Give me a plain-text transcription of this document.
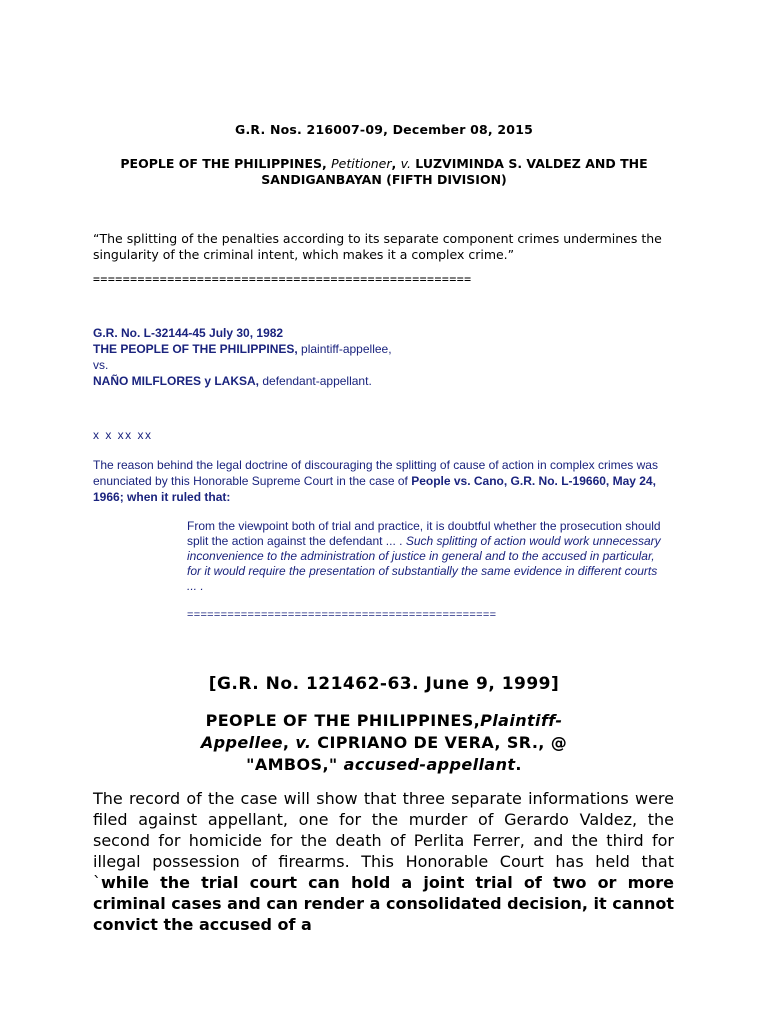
G.R. Nos. 216007-09, December 08, 2015
PEOPLE OF THE PHILIPPINES, Petitioner, v. LUZVIMINDA S. VALDEZ AND THE SANDIGANBAYAN (FIFTH DIVISION)
“The splitting of the penalties according to its separate component crimes undermines the singularity of the criminal intent, which makes it a complex crime.”
===================================================
G.R. No. L-32144-45 July 30, 1982
THE PEOPLE OF THE PHILIPPINES, plaintiff-appellee,
vs.
NAÑO MILFLORES y LAKSA, defendant-appellant.
x x xx xx
The reason behind the legal doctrine of discouraging the splitting of cause of action in complex crimes was enunciated by this Honorable Supreme Court in the case of People vs. Cano, G.R. No. L-19660, May 24, 1966; when it ruled that:
From the viewpoint both of trial and practice, it is doubtful whether the prosecution should split the action against the defendant ... . Such splitting of action would work unnecessary inconvenience to the administration of justice in general and to the accused in particular, for it would require the presentation of substantially the same evidence in different courts ... .
==============================================
[G.R. No. 121462-63. June 9, 1999]
PEOPLE OF THE PHILIPPINES,Plaintiff-Appellee, v. CIPRIANO DE VERA, SR., @ "AMBOS," accused-appellant.
The record of the case will show that three separate informations were filed against appellant, one for the murder of Gerardo Valdez, the second for homicide for the death of Perlita Ferrer, and the third for illegal possession of firearms. This Honorable Court has held that `while the trial court can hold a joint trial of two or more criminal cases and can render a consolidated decision, it cannot convict the accused of a
